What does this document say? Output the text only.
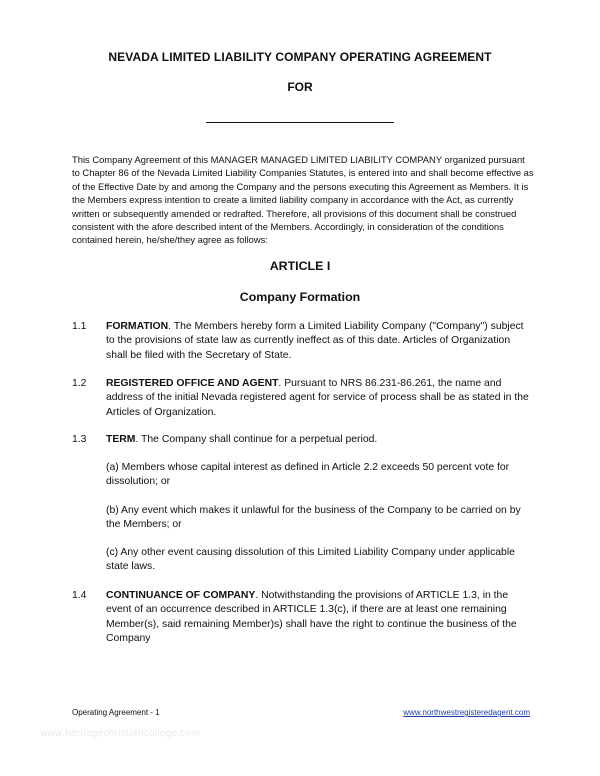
NEVADA LIMITED LIABILITY COMPANY OPERATING AGREEMENT
FOR

This Company Agreement of this MANAGER MANAGED LIMITED LIABILITY COMPANY organized pursuant to Chapter 86 of the Nevada Limited Liability Companies Statutes, is entered into and shall become effective as of the Effective Date by and among the Company and the persons executing this Agreement as Members. It is the Members express intention to create a limited liability company in accordance with the Act, as currently written or subsequently amended or redrafted. Therefore, all provisions of this document shall be construed consistent with the afore described intent of the Members. Accordingly, in consideration of the conditions contained herein, he/she/they agree as follows:

ARTICLE I
Company Formation
1.1 FORMATION. The Members hereby form a Limited Liability Company ("Company") subject to the provisions of state law as currently ineffect as of this date. Articles of Organization shall be filed with the Secretary of State.
1.2 REGISTERED OFFICE AND AGENT. Pursuant to NRS 86.231-86.261, the name and address of the initial Nevada registered agent for service of process shall be as stated in the Articles of Organization.
1.3 TERM. The Company shall continue for a perpetual period.

(a) Members whose capital interest as defined in Article 2.2 exceeds 50 percent vote for dissolution; or

(b) Any event which makes it unlawful for the business of the Company to be carried on by the Members; or

(c) Any other event causing dissolution of this Limited Liability Company under applicable state laws.

1.4 CONTINUANCE OF COMPANY. Notwithstanding the provisions of ARTICLE 1.3, in the event of an occurrence described in ARTICLE 1.3(c), if there are at least one remaining Member(s), said remaining Member)s) shall have the right to continue the business of the Company
Operating Agreement - 1	www.northwestregisteredagent.com
www.heritagechristiancollege.com
